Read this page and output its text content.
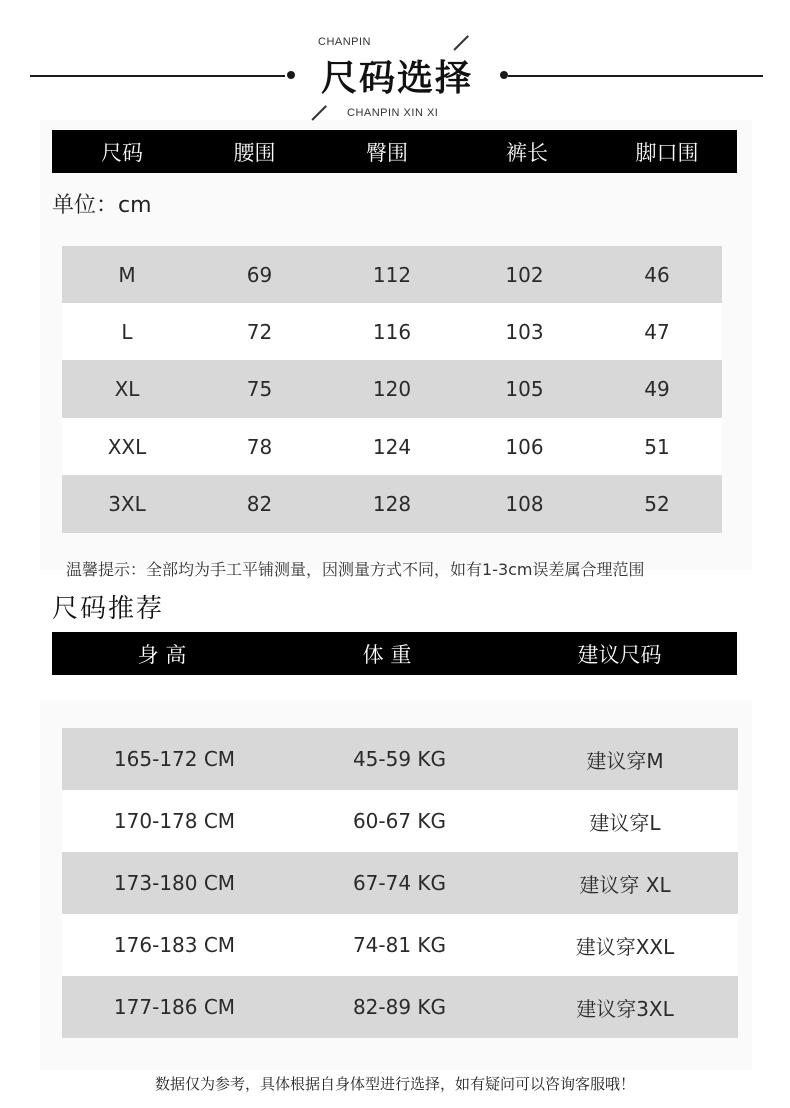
CHANPIN
尺码选择
CHANPIN XIN XI
尺码	腰围	臀围	裤长	脚口围
单位：cm
M	69	112	102	46
L	72	116	103	47
XL	75	120	105	49
XXL	78	124	106	51
3XL	82	128	108	52
温馨提示：全部均为手工平铺测量，因测量方式不同，如有1-3cm误差属合理范围
尺码推荐
身 高	体 重	建议尺码
165-172 CM	45-59 KG	建议穿M
170-178 CM	60-67 KG	建议穿L
173-180 CM	67-74 KG	建议穿 XL
176-183 CM	74-81 KG	建议穿XXL
177-186 CM	82-89 KG	建议穿3XL
数据仅为参考，具体根据自身体型进行选择，如有疑问可以咨询客服哦！
